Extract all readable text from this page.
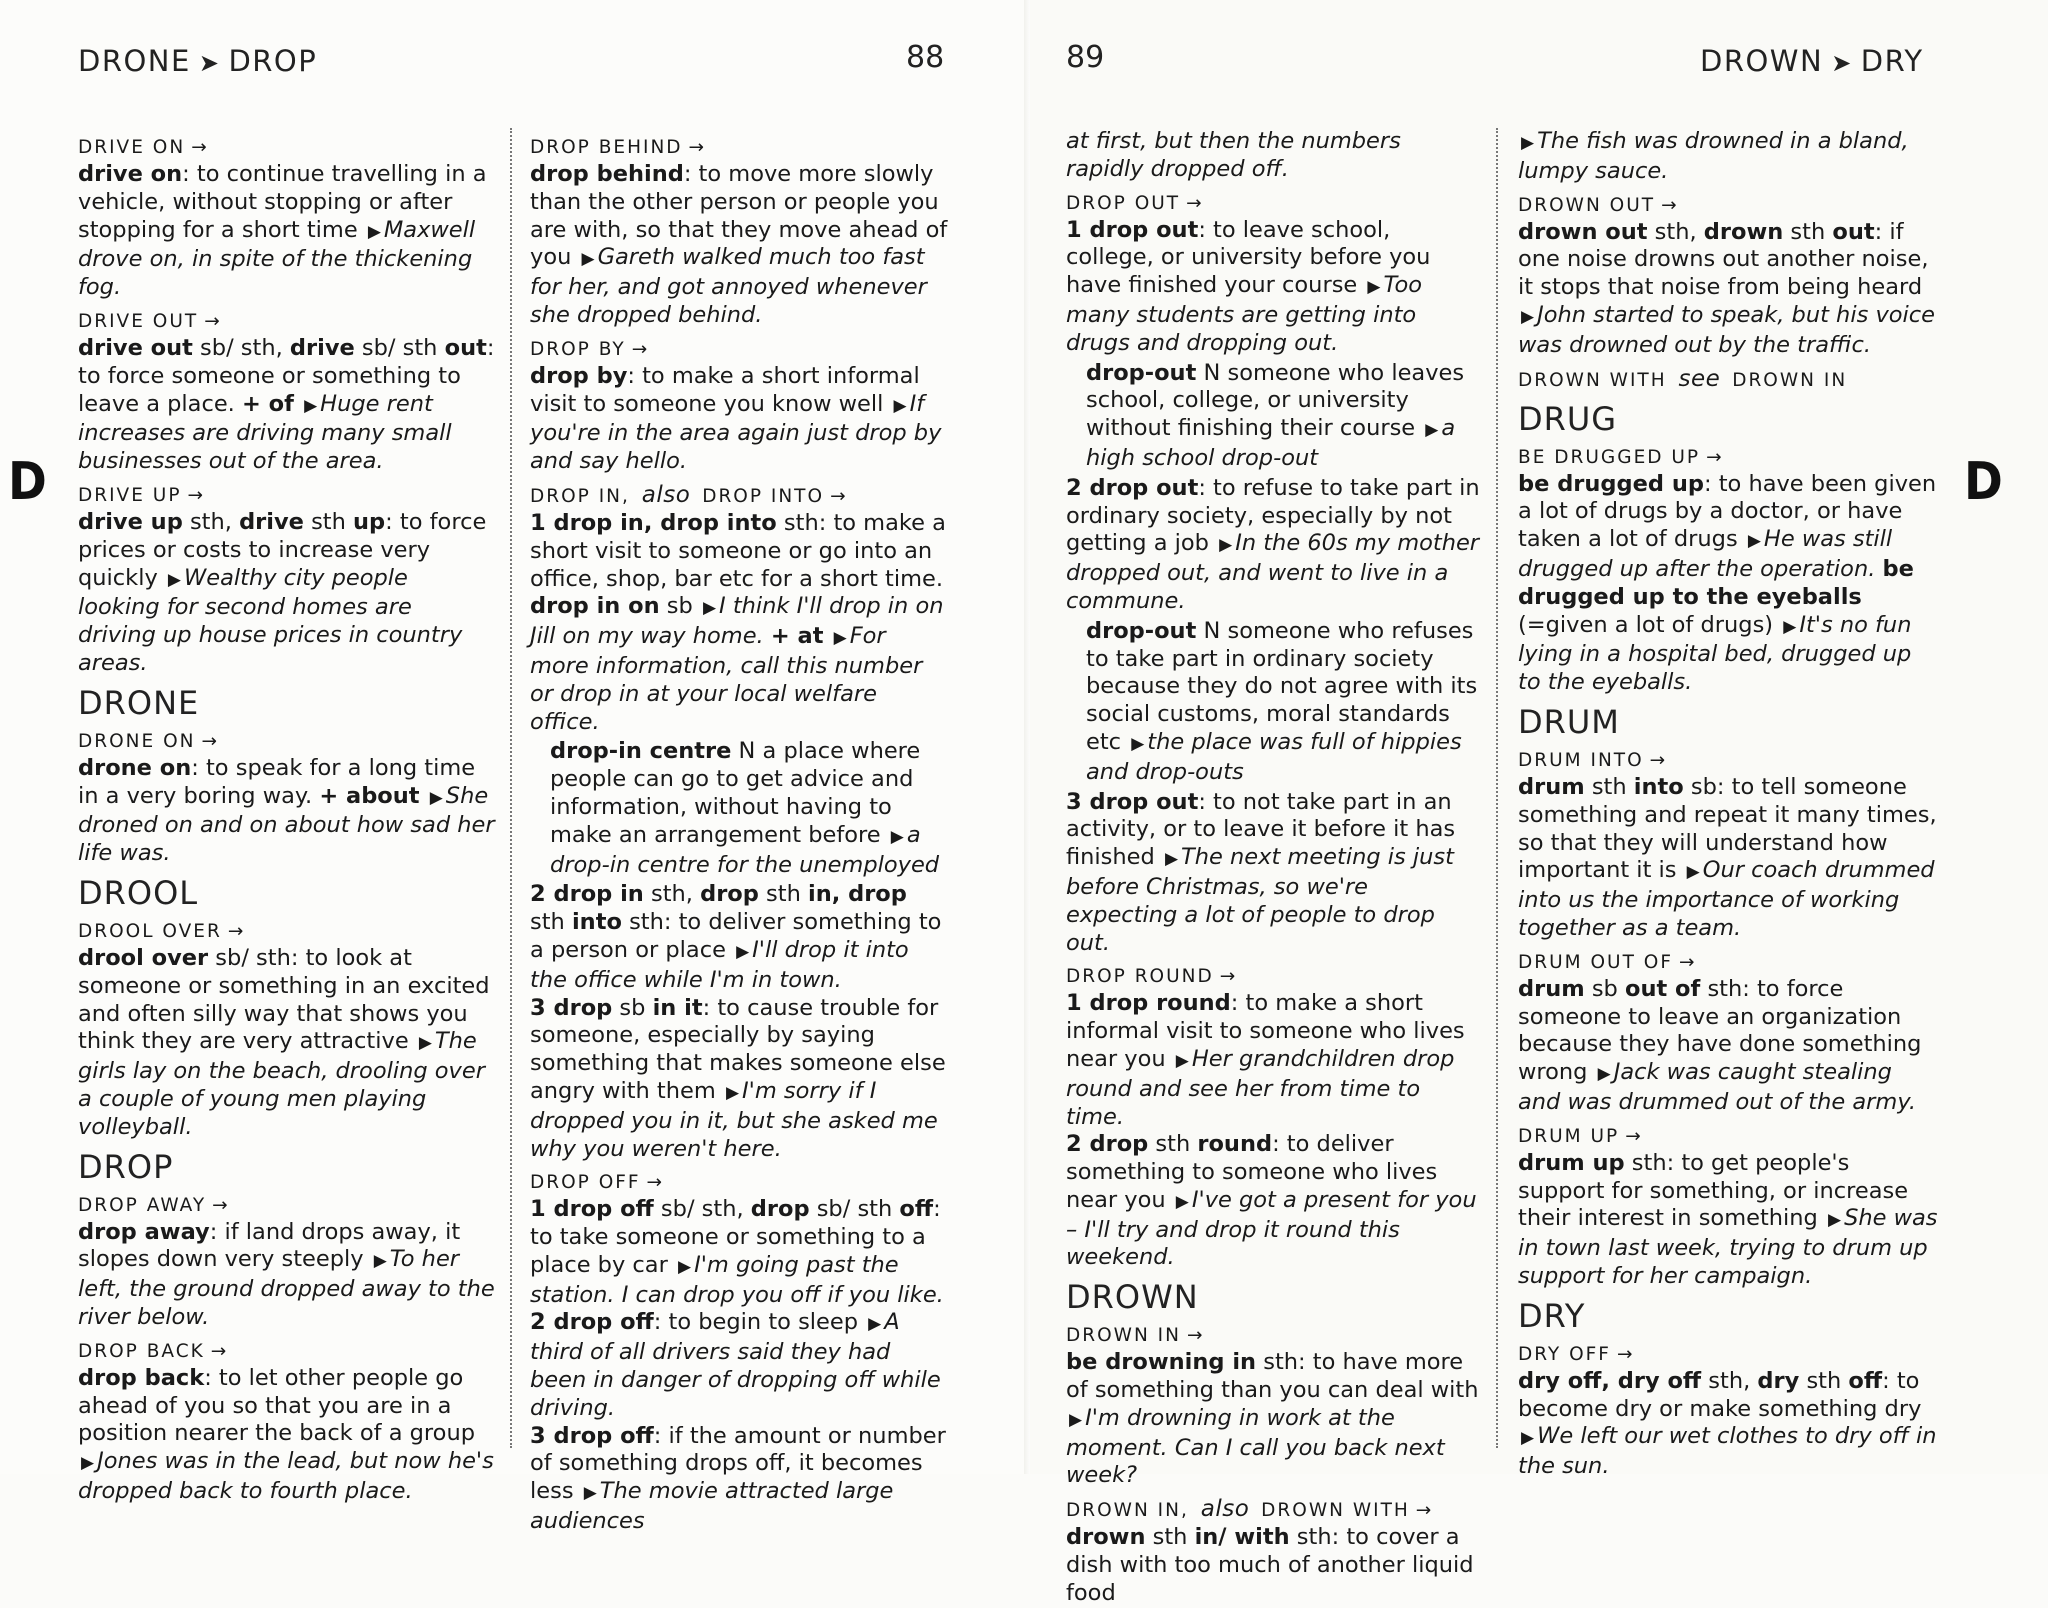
DRONE ➤ DROP	88
D
DRIVE ON →
drive on: to continue travelling in a vehicle, without stopping or after stopping for a short time ▶ Maxwell drove on, in spite of the thickening fog.
DRIVE OUT →
drive out sb/ sth, drive sb/ sth out: to force someone or something to leave a place. + of ▶ Huge rent increases are driving many small businesses out of the area.
DRIVE UP →
drive up sth, drive sth up: to force prices or costs to increase very quickly ▶ Wealthy city people looking for second homes are driving up house prices in country areas.
DRONE
DRONE ON →
drone on: to speak for a long time in a very boring way. + about ▶ She droned on and on about how sad her life was.
DROOL
DROOL OVER →
drool over sb/ sth: to look at someone or something in an excited and often silly way that shows you think they are very attractive ▶ The girls lay on the beach, drooling over a couple of young men playing volleyball.
DROP
DROP AWAY →
drop away: if land drops away, it slopes down very steeply ▶ To her left, the ground dropped away to the river below.
DROP BACK →
drop back: to let other people go ahead of you so that you are in a position nearer the back of a group ▶ Jones was in the lead, but now he's dropped back to fourth place.
DROP BEHIND →
drop behind: to move more slowly than the other person or people you are with, so that they move ahead of you ▶ Gareth walked much too fast for her, and got annoyed whenever she dropped behind.
DROP BY →
drop by: to make a short informal visit to someone you know well ▶ If you're in the area again just drop by and say hello.
DROP IN, also DROP INTO →
1 drop in, drop into sth: to make a short visit to someone or go into an office, shop, bar etc for a short time. drop in on sb ▶ I think I'll drop in on Jill on my way home. + at ▶ For more information, call this number or drop in at your local welfare office.
drop-in centre N a place where people can go to get advice and information, without having to make an arrangement before ▶ a drop-in centre for the unemployed
2 drop in sth, drop sth in, drop sth into sth: to deliver something to a person or place ▶ I'll drop it into the office while I'm in town.
3 drop sb in it: to cause trouble for someone, especially by saying something that makes someone else angry with them ▶ I'm sorry if I dropped you in it, but she asked me why you weren't here.
DROP OFF →
1 drop off sb/ sth, drop sb/ sth off: to take someone or something to a place by car ▶ I'm going past the station. I can drop you off if you like.
2 drop off: to begin to sleep ▶ A third of all drivers said they had been in danger of dropping off while driving.
3 drop off: if the amount or number of something drops off, it becomes less ▶ The movie attracted large audiences
89	DROWN ➤ DRY
D
at first, but then the numbers rapidly dropped off.
DROP OUT →
1 drop out: to leave school, college, or university before you have finished your course ▶ Too many students are getting into drugs and dropping out.
drop-out N someone who leaves school, college, or university without finishing their course ▶ a high school drop-out
2 drop out: to refuse to take part in ordinary society, especially by not getting a job ▶ In the 60s my mother dropped out, and went to live in a commune.
drop-out N someone who refuses to take part in ordinary society because they do not agree with its social customs, moral standards etc ▶ the place was full of hippies and drop-outs
3 drop out: to not take part in an activity, or to leave it before it has finished ▶ The next meeting is just before Christmas, so we're expecting a lot of people to drop out.
DROP ROUND →
1 drop round: to make a short informal visit to someone who lives near you ▶ Her grandchildren drop round and see her from time to time.
2 drop sth round: to deliver something to someone who lives near you ▶ I've got a present for you – I'll try and drop it round this weekend.
DROWN
DROWN IN →
be drowning in sth: to have more of something than you can deal with ▶ I'm drowning in work at the moment. Can I call you back next week?
DROWN IN, also DROWN WITH →
drown sth in/ with sth: to cover a dish with too much of another liquid food
▶ The fish was drowned in a bland, lumpy sauce.
DROWN OUT →
drown out sth, drown sth out: if one noise drowns out another noise, it stops that noise from being heard ▶ John started to speak, but his voice was drowned out by the traffic.
DROWN WITH see DROWN IN
DRUG
BE DRUGGED UP →
be drugged up: to have been given a lot of drugs by a doctor, or have taken a lot of drugs ▶ He was still drugged up after the operation. be drugged up to the eyeballs (=given a lot of drugs) ▶ It's no fun lying in a hospital bed, drugged up to the eyeballs.
DRUM
DRUM INTO →
drum sth into sb: to tell someone something and repeat it many times, so that they will understand how important it is ▶ Our coach drummed into us the importance of working together as a team.
DRUM OUT OF →
drum sb out of sth: to force someone to leave an organization because they have done something wrong ▶ Jack was caught stealing and was drummed out of the army.
DRUM UP →
drum up sth: to get people's support for something, or increase their interest in something ▶ She was in town last week, trying to drum up support for her campaign.
DRY
DRY OFF →
dry off, dry off sth, dry sth off: to become dry or make something dry ▶ We left our wet clothes to dry off in the sun.
